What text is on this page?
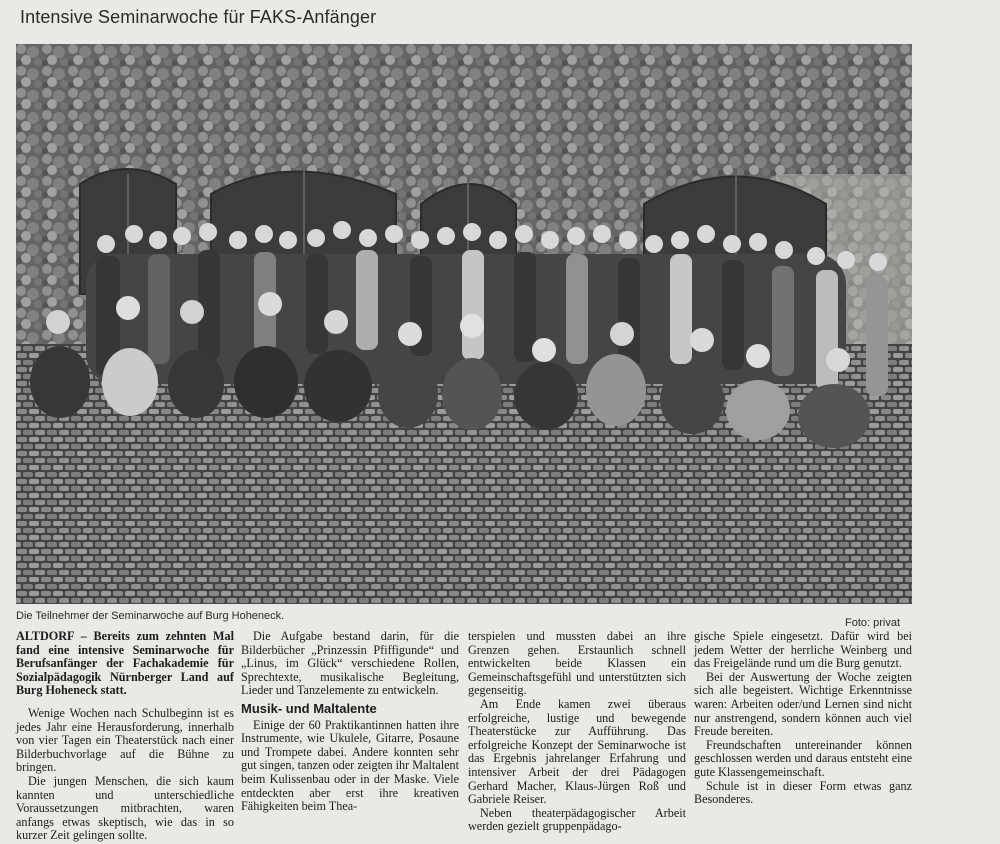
Intensive Seminarwoche für FAKS-Anfänger
Die Teilnehmer der Seminarwoche auf Burg Hoheneck.
Foto: privat

ALTDORF – Bereits zum zehnten Mal fand eine intensive Seminarwoche für Berufsanfänger der Fachakademie für Sozialpädagogik Nürnberger Land auf Burg Hoheneck statt.

Wenige Wochen nach Schulbeginn ist es jedes Jahr eine Herausforderung, innerhalb von vier Tagen ein Theaterstück nach einer Bilderbuchvorlage auf die Bühne zu bringen.

Die jungen Menschen, die sich kaum kannten und unterschiedliche Voraussetzungen mitbrachten, waren anfangs etwas skeptisch, wie das in so kurzer Zeit gelingen sollte.

Die Aufgabe bestand darin, für die Bilderbücher „Prinzessin Pfiffigunde“ und „Linus, im Glück“ verschiedene Rollen, Sprechtexte, musikalische Begleitung, Lieder und Tanzelemente zu entwickeln.

Musik- und Maltalente

Einige der 60 Praktikantinnen hatten ihre Instrumente, wie Ukulele, Gitarre, Posaune und Trompete dabei. Andere konnten sehr gut singen, tanzen oder zeigten ihr Maltalent beim Kulissenbau oder in der Maske. Viele entdeckten aber erst ihre kreativen Fähigkeiten beim Thea-

terspielen und mussten dabei an ihre Grenzen gehen. Erstaunlich schnell entwickelten beide Klassen ein Gemeinschaftsgefühl und unterstützten sich gegenseitig.

Am Ende kamen zwei überaus erfolgreiche, lustige und bewegende Theaterstücke zur Aufführung. Das erfolgreiche Konzept der Seminarwoche ist das Ergebnis jahrelanger Erfahrung und intensiver Arbeit der drei Pädagogen Gerhard Macher, Klaus-Jürgen Roß und Gabriele Reiser.

Neben theaterpädagogischer Arbeit werden gezielt gruppenpädago-

gische Spiele eingesetzt. Dafür wird bei jedem Wetter der herrliche Weinberg und das Freigelände rund um die Burg genutzt.

Bei der Auswertung der Woche zeigten sich alle begeistert. Wichtige Erkenntnisse waren: Arbeiten oder/und Lernen sind nicht nur anstrengend, sondern können auch viel Freude bereiten.

Freundschaften untereinander können geschlossen werden und daraus entsteht eine gute Klassengemeinschaft.

Schule ist in dieser Form etwas ganz Besonderes.
